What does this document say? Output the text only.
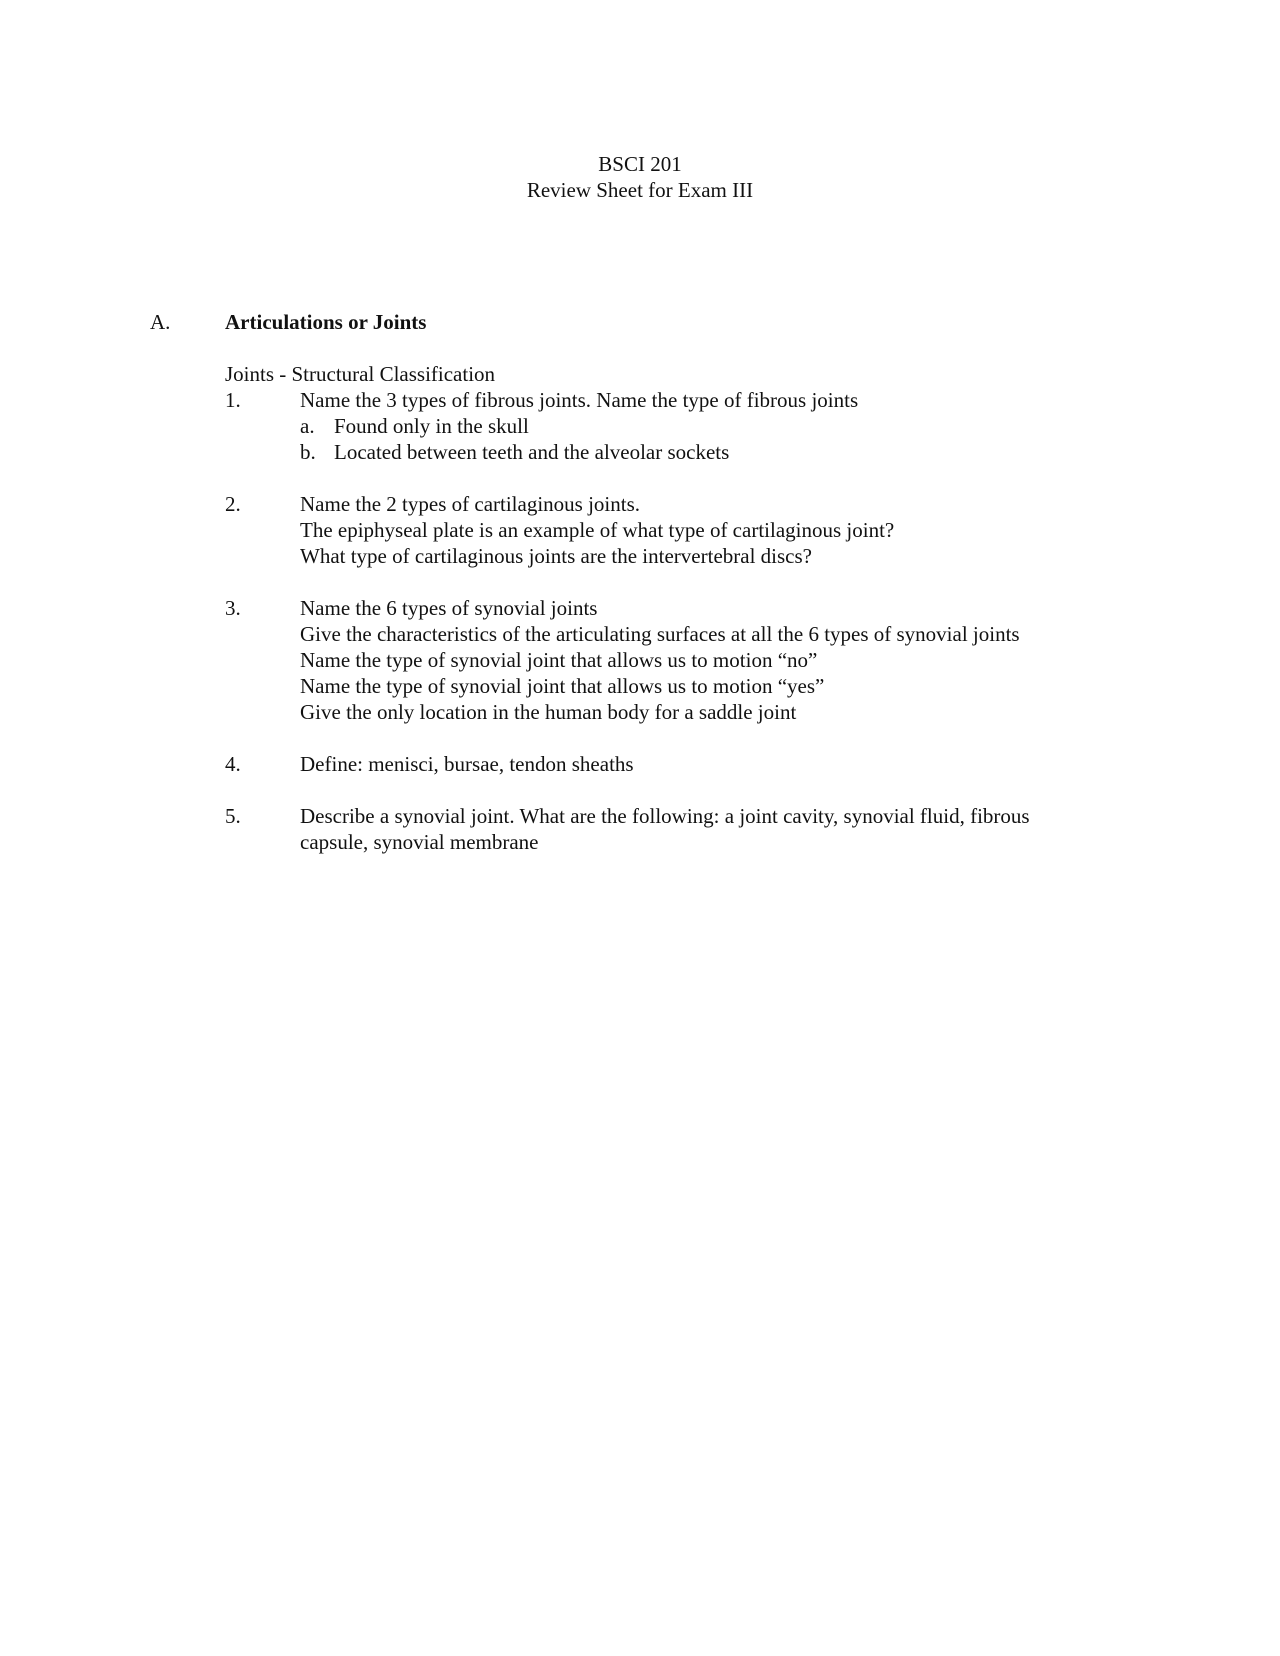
BSCI 201
Review Sheet for Exam III
A.	Articulations or Joints
Joints - Structural Classification
1.	Name the 3 types of fibrous joints. Name the type of fibrous joints
a. Found only in the skull
b. Located between teeth and the alveolar sockets
2.	Name the 2 types of cartilaginous joints.
The epiphyseal plate is an example of what type of cartilaginous joint?
What type of cartilaginous joints are the intervertebral discs?
3.	Name the 6 types of synovial joints
Give the characteristics of the articulating surfaces at all the 6 types of synovial joints
Name the type of synovial joint that allows us to motion “no”
Name the type of synovial joint that allows us to motion “yes”
Give the only location in the human body for a saddle joint
4.	Define: menisci, bursae, tendon sheaths
5.	Describe a synovial joint. What are the following: a joint cavity, synovial fluid, fibrous
capsule, synovial membrane
